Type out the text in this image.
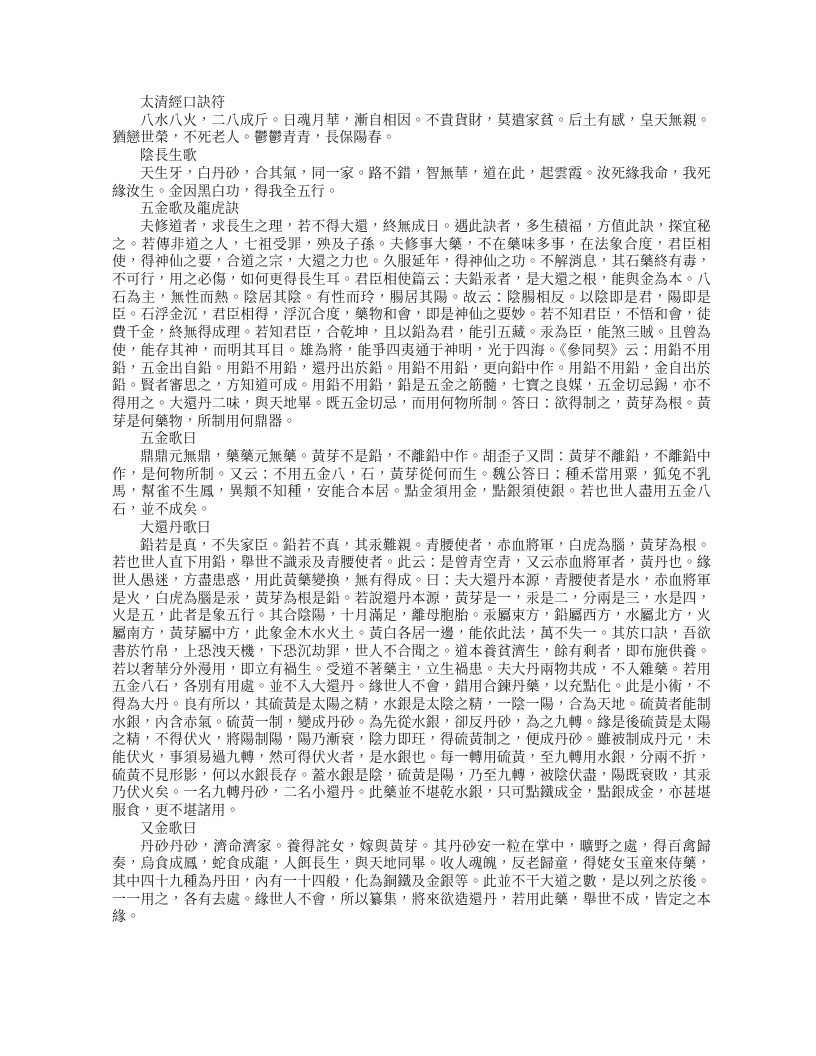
太清經口訣符

八水八火，二八成斤。日魂月華，漸自相因。不貴貨財，莫遣家貧。后土有感，皇天無親。猶戀世榮，不死老人。鬱鬱青青，長保陽春。

陰長生歌

天生牙，白丹砂，合其氣，同一家。路不錯，智無華，道在此，起雲霞。汝死緣我命，我死緣汝生。金因黑白功，得我全五行。

五金歌及龍虎訣

夫修道者，求長生之理，若不得大還，終無成日。遇此訣者，多生積福，方值此訣，探宜秘之。若傳非道之人，七祖受罪，殃及子孫。夫修事大藥，不在藥味多事，在法象合度，君臣相使，得神仙之要，合道之宗，大還之力也。久服延年，得神仙之功。不解消息，其石藥終有毒，不可行，用之必傷，如何更得長生耳。君臣相使篇云：夫鉛汞者，是大還之根，能與金為本。八石為主，無性而熱。陰居其陰。有性而玲，腸居其陽。故云：陰腸相反。以陰即是君，陽即是臣。石浮金沉，君臣相得，浮沉合度，藥物和會，即是神仙之要妙。若不知君臣，不悟和會，徒費千金，終無得成理。若知君臣，合乾坤，且以鉛為君，能引五藏。汞為臣，能煞三賊。且曾為使，能存其神，而明其耳目。雄為將，能爭四夷通于神明，光于四海。《參同契》云：用鉛不用鉛，五金出自鉛。用鉛不用鉛，還丹出於鉛。用鉛不用鉛，更向鉛中作。用鉛不用鉛，金自出於鉛。賢者審思之，方知道可成。用鉛不用鉛，鉛是五金之筋髓，七寶之良媒，五金切忌錫，亦不得用之。大還丹二味，與天地畢。既五金切忌，而用何物所制。答曰：欲得制之，黃芽為根。黃芽是何藥物，所制用何鼎器。

五金歌曰

鼎鼎元無鼎，藥藥元無藥。黃芽不是鉛，不離鉛中作。胡歪子又問：黃芽不離鉛，不離鉛中作，是何物所制。又云：不用五金八，石，黃芽從何而生。魏公答曰：種禾當用粟，狐兔不乳馬，幫雀不生鳳，異類不知種，安能合本居。點金須用金，點銀須使銀。若也世人盡用五金八石，並不成矣。

大還丹歌曰

鉛若是真，不失家臣。鉛若不真，其汞難親。青腰使者，赤血將軍，白虎為腦，黃芽為根。若也世人直下用鉛，舉世不識汞及青腰使者。此云：是曾青空青，又云赤血將軍者，黃丹也。緣世人愚迷，方盡患惑，用此黃藥變換，無有得成。曰：夫大還丹本源，青腰使者是水，赤血將軍是火，白虎為腦是汞，黃芽為根是鉛。若說還丹本源，黃芽是一，汞是二，分兩是三，水是四，火是五，此者是象五行。其合陰陽，十月滿足，離母胞胎。汞屬束方，鉛屬西方，水屬北方，火屬南方，黃芽屬中方，此象金木水火土。黃白各居一邊，能依此法，萬不失一。其於口訣，吾欲書於竹帛，上恐洩天機，下恐沉劫罪，世人不合聞之。道本養貧濟生，餘有剩者，即布施供養。若以奢華分外漫用，即立有禍生。受道不著藥主，立生禍患。夫大丹兩物共成，不入雜藥。若用五金八石，各別有用處。並不入大還丹。緣世人不會，錯用合鍊丹藥，以充點化。此是小術，不得為大丹。良有所以，其硫黃是太陽之精，水銀是太陰之精，一陰一陽，合為天地。硫黃者能制水銀，內含赤氣。硫黃一制，變成丹砂。為先從水銀，卻反丹砂，為之九轉。緣是後硫黃是太陽之精，不得伏火，將陽制陽，陽乃漸衰，陰力即玨，得硫黃制之，便成丹砂。雖被制成丹元，未能伏火，事須易過九轉，然可得伏火者，是水銀也。每一轉用硫黃，至九轉用水銀，分兩不折，硫黃不見形影，何以水銀長存。蓋水銀是陰，硫黃是陽，乃至九轉，被陰伏盡，陽既衰敗，其汞乃伏火矣。一名九轉丹砂，二名小還丹。此藥並不堪乾水銀，只可點鐵成金，點銀成金，亦甚堪服食，更不堪諸用。

又金歌曰

丹砂丹砂，濟命濟家。養得詫女，嫁與黃芽。其丹砂安一粒在掌中，曠野之處，得百禽歸奏，烏食成鳳，蛇食成龍，人餌長生，與天地同畢。收人魂魄，反老歸童，得姥女玉童來侍藥，其中四十九種為丹田，內有一十四般，化為銅鐵及金銀等。此並不干大道之數，是以列之於後。一一用之，各有去處。緣世人不會，所以纂集，將來欲造還丹，若用此藥，舉世不成，皆定之本緣。
